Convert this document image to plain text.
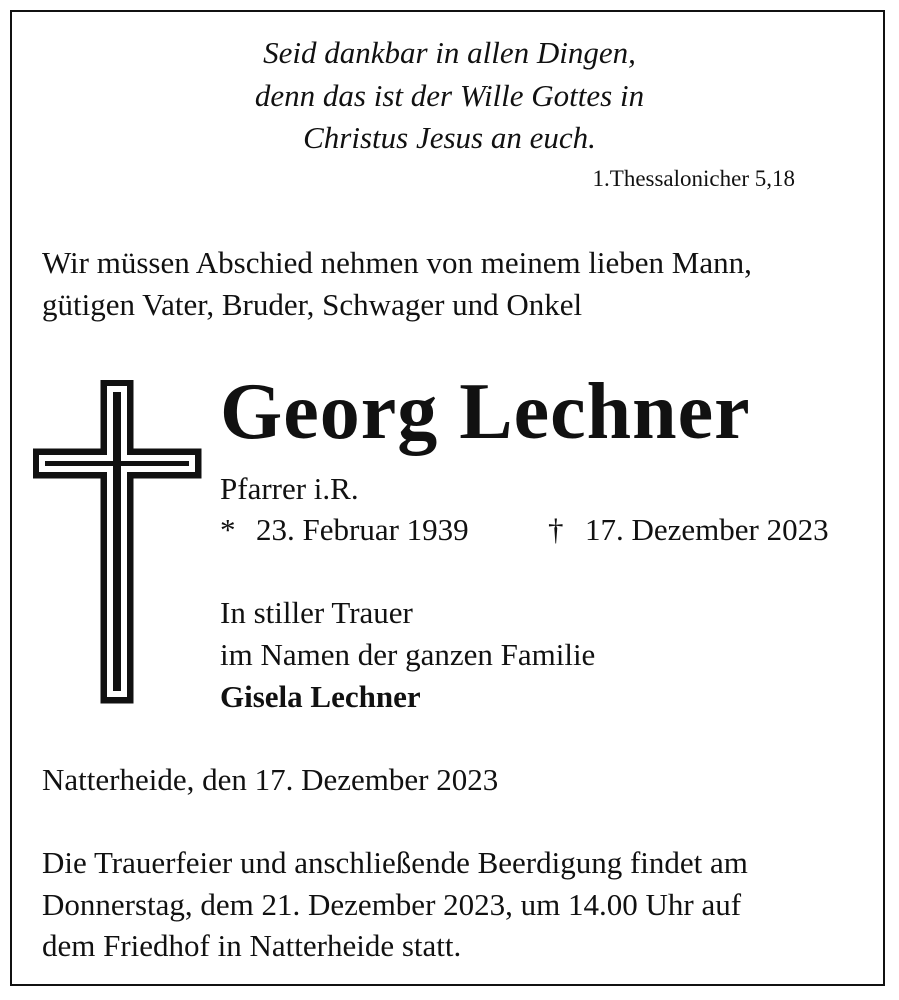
Seid dankbar in allen Dingen,
denn das ist der Wille Gottes in
Christus Jesus an euch.
1.Thessalonicher 5,18
Wir müssen Abschied nehmen von meinem lieben Mann,
gütigen Vater, Bruder, Schwager und Onkel
Georg Lechner
Pfarrer i.R.
* 23. Februar 1939	† 17. Dezember 2023
In stiller Trauer
im Namen der ganzen Familie
Gisela Lechner
Natterheide, den 17. Dezember 2023
Die Trauerfeier und anschließende Beerdigung findet am
Donnerstag, dem 21. Dezember 2023, um 14.00 Uhr auf
dem Friedhof in Natterheide statt.
